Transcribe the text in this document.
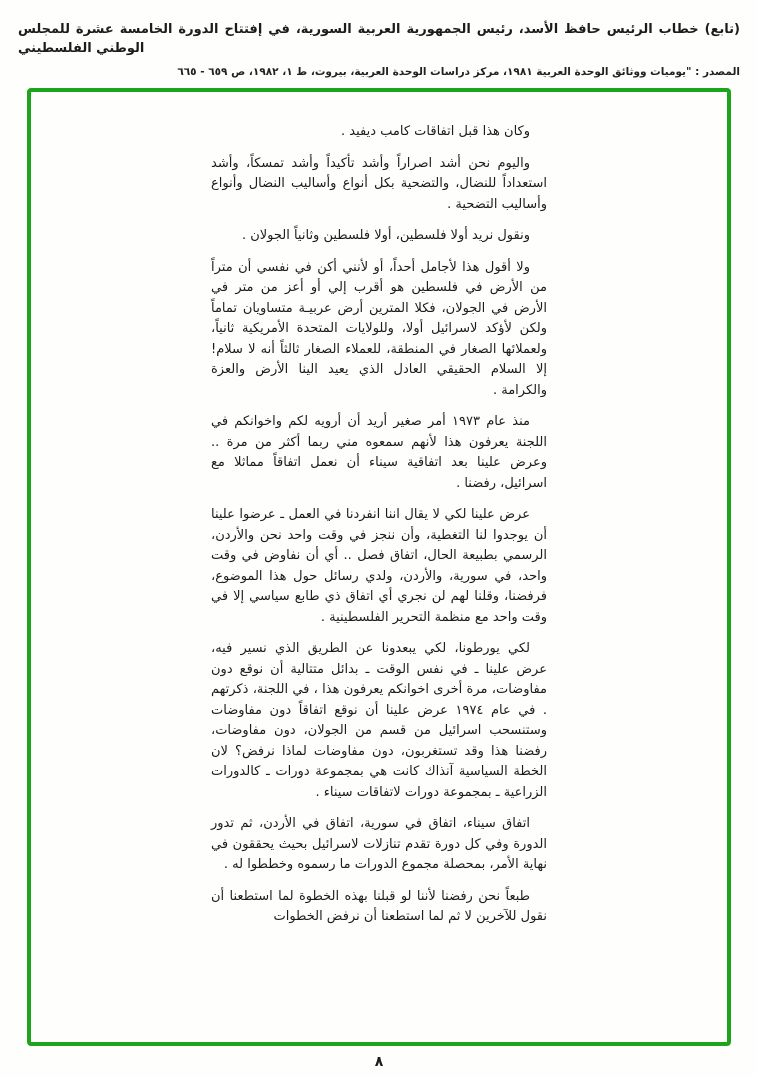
(تابع) خطاب الرئيس حافظ الأسد، رئيس الجمهورية العربية السورية، في إفتتاح الدورة الخامسة عشرة للمجلس الوطني الفلسطيني
المصدر : "يوميات ووثائق الوحدة العربية ١٩٨١، مركز دراسات الوحدة العربية، بيروت، ط ١، ١٩٨٢، ص ٦٥٩ - ٦٦٥

وكان هذا قبل اتفاقات كامب ديفيد .

واليوم نحن أشد اصراراً وأشد تأكيداً وأشد تمسكاً، وأشد استعداداً للنضال، والتضحية بكل أنواع وأساليب النضال وأنواع وأساليب التضحية .

ونقول نريد أولا فلسطين، أولا فلسطين وثانياً الجولان .

ولا أقول هذا لأجامل أحداً، أو لأنني أكن في نفسي أن متراً من الأرض في فلسطين هو أقرب إلي أو أعز من متر في الأرض في الجولان، فكلا المترين أرض عربيـة متساويان تماماً ولكن لأؤكد لاسرائيل أولا، وللولايات المتحدة الأمريكية ثانياً، ولعملائها الصغار في المنطقة، للعملاء الصغار ثالثاً أنه لا سلام! إلا السلام الحقيقي العادل الذي يعيد الينا الأرض والعزة والكرامة .

منذ عام ١٩٧٣ أمر صغير أريد أن أرويه لكم واخوانكم في اللجنة يعرفون هذا لأنهم سمعوه مني ربما أكثر من مرة .. وعرض علينا بعد اتفاقية سيناء أن نعمل اتفاقاً مماثلا مع اسرائيل، رفضنا .

عرض علينا لكي لا يقال اننا انفردنا في العمل ـ عرضوا علينا أن يوجدوا لنا التغطية، وأن ننجز في وقت واحد نحن والأردن، الرسمي بطبيعة الحال، اتفاق فصل .. أي أن نفاوض في وقت واحد، في سورية، والأردن، ولدي رسائل حول هذا الموضوع، فرفضنا، وقلنا لهم لن نجري أي اتفاق ذي طابع سياسي إلا في وقت واحد مع منظمة التحرير الفلسطينية .

لكي يورطونا، لكي يبعدونا عن الطريق الذي نسير فيه، عرض علينا ـ في نفس الوقت ـ بدائل متتالية أن نوقع دون مفاوضات، مرة أخرى اخوانكم يعرفون هذا ، في اللجنة، ذكرتهم . في عام ١٩٧٤ عرض علينا أن نوقع اتفاقاً دون مفاوضات وستنسحب اسرائيل من قسم من الجولان، دون مفاوضات، رفضنا هذا وقد تستغربون، دون مفاوضات لماذا نرفض؟ لان الخطة السياسية آنذاك كانت هي بمجموعة دورات ـ كالدورات الزراعية ـ بمجموعة دورات لاتفاقات سيناء .

اتفاق سيناء، اتفاق في سورية، اتفاق في الأردن، ثم تدور الدورة وفي كل دورة تقدم تنازلات لاسرائيل بحيث يحققون في نهاية الأمر، بمحصلة مجموع الدورات ما رسموه وخططوا له .

طبعاً نحن رفضنا لأننا لو قبلنا بهذه الخطوة لما استطعنا أن نقول للآخرين لا ثم لما استطعنا أن نرفض الخطوات

٨
